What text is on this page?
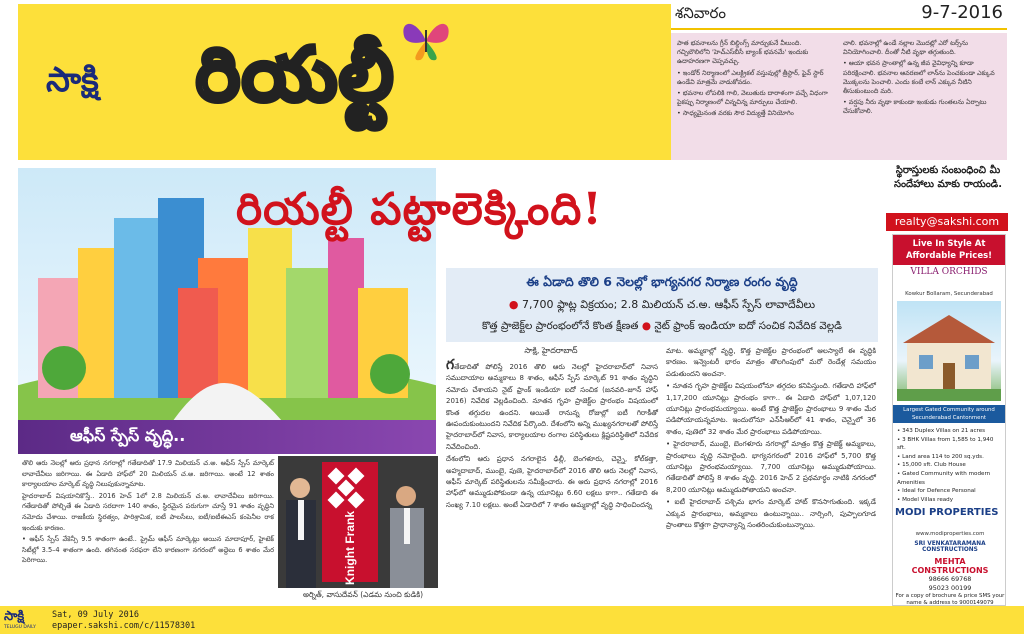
సాక్షి రియల్టీ
శనివారం	9-7-2016

పాత భవనాలను గ్రీన్ బిల్డింగ్స్ మార్చుకునే వీలుంది. గచ్చిబౌలిలోని 'హెచ్‌ఎస్‌బీసీ బ్యాంక్ భవనమే' ఇందుకు ఉదాహరణగా చెప్పవచ్చు.

• ఇండోర్ నిర్మాణంలో ఎలక్ట్రికల్ వస్తువుల్లో త్రీస్టార్, ఫైవ్ స్టార్ ఉండేవి మాత్రమే వాడుకోవడం.

• భవనాల లోపలికి గాలి, వెలుతురు దారాళంగా వచ్చే విధంగా పైకప్పు నిర్మాణంలో చిన్నచిన్న మార్పులు చేయాలి.

• సాధ్యమైనంత వరకు సౌర విద్యుత్తే వినియోగిం

చాలి. భవనాల్లో ఉండే నల్లాల మొదట్లో ఎరో టర్స్‌ను వినియోగించాలి. దీంతో నీటి వృథా తగ్గుతుంది.

• ఆయా భవన ప్రాంతాల్లో ఉన్న జీవ వైవిధ్యాన్ని కూడా పరిరక్షించాలి. భవనాల ఆవరణలో లాన్‌ను పెంచకుండా ఎక్కువ మొక్కలను పెంచాలి. ఎందు కంటే లాన్ ఎక్కువ నీటిని తీసుకుంటుంది మరి.

• వర్షపు నీరు వృథా కాకుండా ఇంకుడు గుంతలను ఏర్పాటు చేసుకోవాలి.

రియల్టీ పట్టాలెక్కింది!
ఈ ఏడాది తొలి 6 నెలల్లో భాగ్యనగర నిర్మాణ రంగం వృద్ధి
● 7,700 ఫ్లాట్ల విక్రయం; 2.8 మిలియన్ చ.అ. ఆఫీస్ స్పేస్ లావాదేవీలు
కొత్త ప్రాజెక్ట్‌ల ప్రారంభంలోనే కొంత క్షీణత ● నైట్ ఫ్రాంక్ ఇండియా ఐదో సంచిక నివేదిక వెల్లడి
సాక్షి, హైదరాబాద్

గతేడాదితో పోలిస్తే 2016 తొలి ఆరు నెలల్లో హైదరాబాద్‌లో నివాస సముదాయాల అమ్మకాలు 8 శాతం, ఆఫీస్ స్పేస్ మార్కెట్ 91 శాతం వృద్ధిని నమోదు చేశాయని నైట్ ఫ్రాంక్ ఇండియా ఐదో సంచిక (జనవరి–జూన్ హాఫ్ 2016) నివేదిక వెల్లడించింది. నూతన గృహ ప్రాజెక్ట్‌ల ప్రారంభం విషయంలో కొంత తగ్గుదల ఉందని. అయితే రానున్న రోజుల్లో ఐటీ గిరాకీతో ఊపందుకుంటుందని నివేదిక పేర్కొంది. దేశంలోని అన్ని ముఖ్యనగరాలతో పోలిస్తే హైదరాబాద్‌లో నివాస, కార్యాలయాల రంగాల పరిస్థితులు క్లిష్టపరిస్థితిలో నివేదిక నివేదించింది.

దేశంలోని ఆరు ప్రధాన నగరాలైన ఢిల్లీ, బెంగళూరు, చెన్నై, కోల్‌కత్తా, అహ్మదాబాద్, ముంబై, పుణె, హైదరాబాద్‌లో 2016 తొలి ఆరు నెలల్లో నివాస, ఆఫీస్ మార్కెట్ పరిస్థితులను సమీక్షించారు. ఈ ఆరు ప్రధాన నగరాల్లో 2016 హాఫ్‌లో అమ్ముడుపోకుండా ఉన్న యూనిట్లు 6.60 లక్షలు కాగా.. గతేడాది ఈ సంఖ్య 7.10 లక్షలు. అంటే ఏడాదిలో 7 శాతం అమ్మకాల్లో వృద్ధి సాధించిందన్న

మాట. అమ్మకాల్లో వృద్ధి, కొత్త ప్రాజెక్ట్‌ల ప్రారంభంలో ఆలస్యాలే ఈ వృద్ధికి కారణం. ఇన్వెంటరీ భారం మాత్రం తొలగింపులో మరో రెండేళ్ల సమయం పడుతుందని అంచనా.

• నూతన గృహ ప్రాజెక్ట్‌ల విషయంలోనూ తగ్గదల కనిపిస్తుంది. గతేడాది హాఫ్‌లో 1,17,200 యూనిట్లు ప్రారంభం కాగా.. ఈ ఏడాది హాఫ్‌లో 1,07,120 యూనిట్లు ప్రారంభమయ్యాయి. అంటే కొత్త ప్రాజెక్ట్‌ల ప్రారంభాలు 9 శాతం మేర పడిపోయాయన్నమాట. ఇందులోనూ ఎన్‌సీఆర్‌లో 41 శాతం, చెన్నైలో 36 శాతం, పుణెలో 32 శాతం మేర ప్రారంభాలు పడిపోయాయి.

• హైదరాబాద్, ముంబై, బెంగళూరు నగరాల్లో మాత్రం కొత్త ప్రాజెక్ట్ అమ్మకాలు, ప్రారంభాలు వృద్ధి నమోదైంది. భాగ్యనగరంలో 2016 హాఫ్‌లో 5,700 కొత్త యూనిట్లు ప్రారంభమయ్యాయి. 7,700 యూనిట్లు అమ్ముడుపోయాయి. గతేడాదితో పోలిస్తే 8 శాతం వృద్ధి. 2016 హెచ్ 2 ప్రథమార్ధం నాటికి నగరంలో 8,200 యూనిట్లు అమ్ముడుపోతాయని అంచనా.

• ఐటీ హైదరాబాద్ పశ్చిమ భాగం మార్కెట్ హాట్ కొనసాగుతుంది. ఇక్కడే ఎక్కువ ప్రారంభాలు, అమ్మకాలు ఉంటున్నాయి.. నార్సింగి, పుప్పాలగూడ ప్రాంతాలు కొత్తగా ప్రాధాన్యాన్ని సంతరించుకుంటున్నాయి.

ఆఫీస్ స్పేస్ వృద్ధి..

తొలి ఆరు నెలల్లో ఆరు ప్రధాన నగరాల్లో గతేడాదితో 17.9 మిలియన్ చ.అ. ఆఫీస్ స్పేస్ మార్కెట్ లావాదేవీలు జరిగాయి. ఈ ఏడాది హాఫ్‌లో 20 మిలియన్ చ.అ. జరిగాయి. అంటే 12 శాతం కార్యాలయాల మార్కెట్ వృద్ధి నిలుపుకున్నామాట.

హైదరాబాద్ విషయానికొస్తే.. 2016 హెచ్ 1లో 2.8 మిలియన్ చ.అ. లావాదేవీలు జరిగాయి. గతేడాదితో పోల్చితే ఈ ఏడాది సరదాగా 140 శాతం, స్థిరమైన పరుగుగా చూస్తే 91 శాతం వృద్ధిని నమోదు చేశాయి. రాజకీయ స్థిరత్వం, పారిశ్రామిక, ఐటీ పాలసీలు, ఐటీ/ఐటీఈఎస్ కంపెనీల రాక ఇందుకు కారణం.

• ఆఫీస్ స్పేస్ వేకెన్సీ 9.5 శాతంగా ఉంటే.. ప్రైమ్ ఆఫీస్ మార్కెట్లు అయిన మాదాపూర్, హైటెక్ సిటీల్లో 3.5–4 శాతంగా ఉంది. తగినంత సరఫరా లేని కారణంగా నగరంలో అద్దెలు 6 శాతం మేర పెరిగాయి.	Knight Frank
అర్నిత్, వాసుదేవన్ (ఎడమ నుంచి కుడికి)
స్థిరాస్తులకు సంబంధించి మీ సందేహాలు మాకు రాయండి.
realty@sakshi.com
Live In Style At Affordable Prices!
VILLA ORCHIDS
Kowkur Bollaram, Secunderabad
Largest Gated Community around Secunderabad Cantonment
• 343 Duplex Villas on 21 acres
• 3 BHK Villas from 1,585 to 1,940 sft.
• Land area 114 to 200 sq.yds.
• 15,000 sft. Club House
• Gated Community with modern Amenities
• Ideal for Defence Personal
• Model Villas ready
MODI PROPERTIES
www.modiproperties.com
SRI VENKATARAMANA CONSTRUCTIONS
MEHTA CONSTRUCTIONS
98666 69768
95023 00199
For a copy of brochure & price SMS your name & address to 9000149079
సాక్షి
TELUGU DAILY
Sat, 09 July 2016
epaper.sakshi.com/c/11578301
